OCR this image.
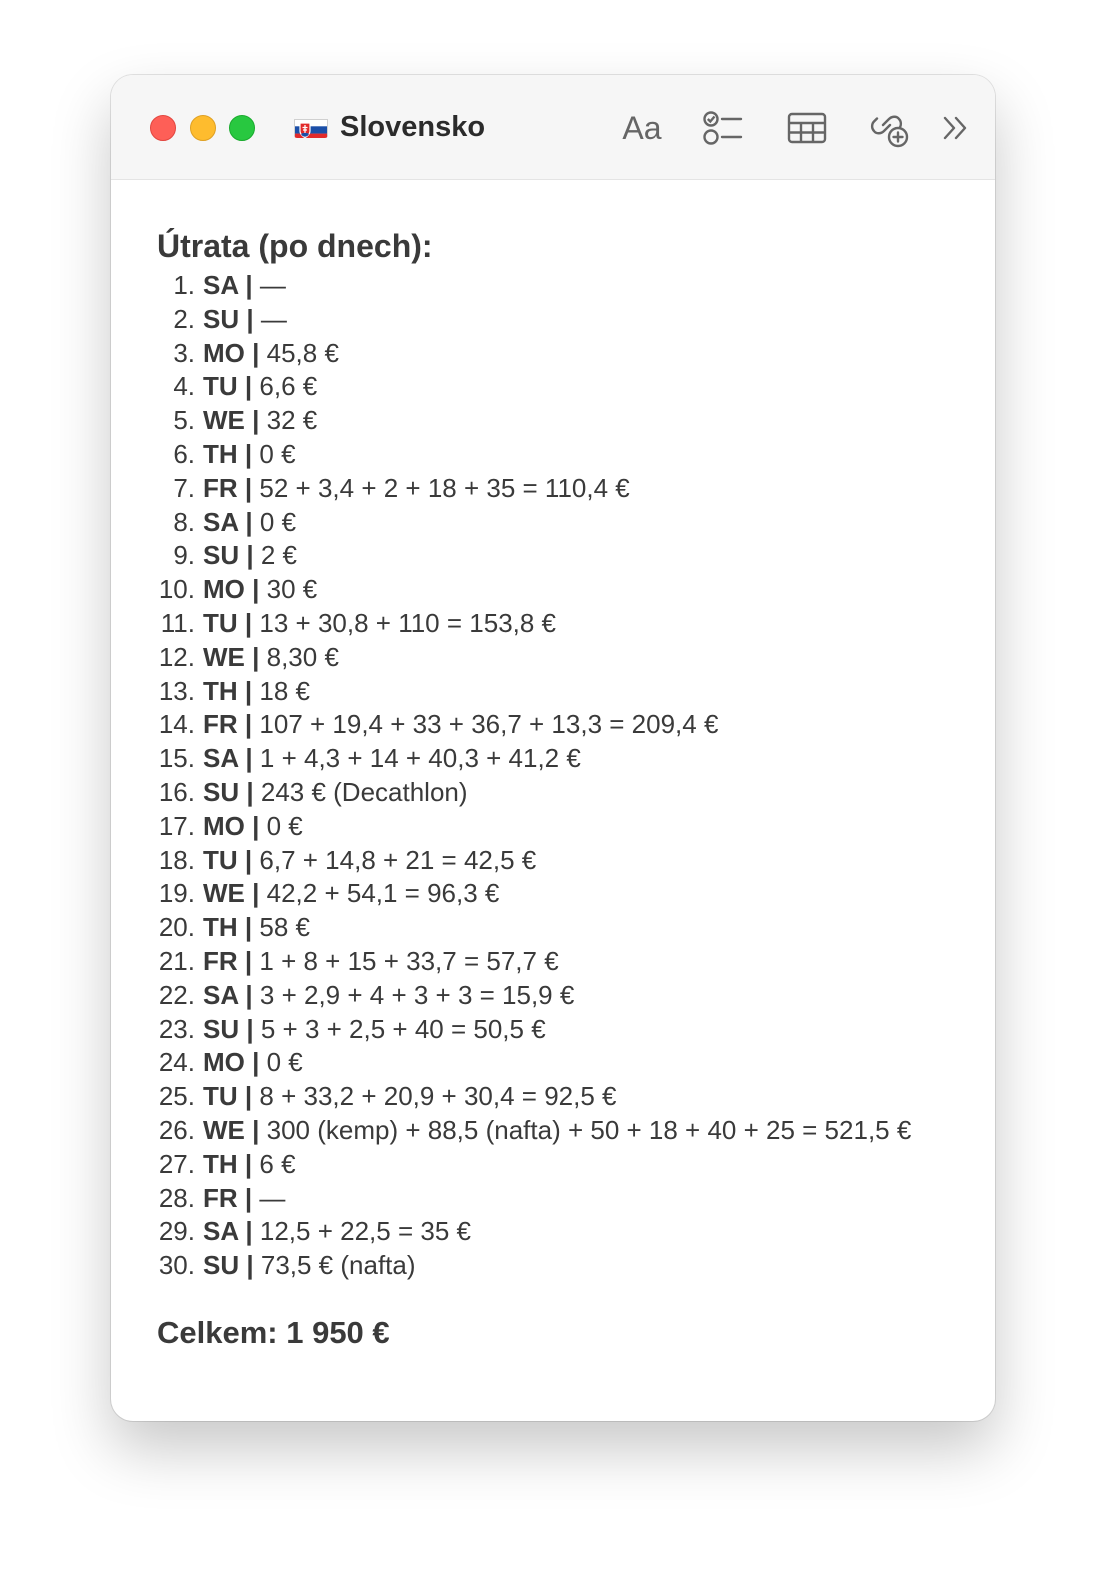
Slovensko	Aa
Útrata (po dnech):
1. SA | —
2. SU | —
3. MO | 45,8 €
4. TU | 6,6 €
5. WE | 32 €
6. TH | 0 €
7. FR | 52 + 3,4 + 2 + 18 + 35 = 110,4 €
8. SA | 0 €
9. SU | 2 €
10. MO | 30 €
11. TU | 13 + 30,8 + 110 = 153,8 €
12. WE | 8,30 €
13. TH | 18 €
14. FR | 107 + 19,4 + 33 + 36,7 + 13,3 = 209,4 €
15. SA | 1 + 4,3 + 14 + 40,3 + 41,2 €
16. SU | 243 € (Decathlon)
17. MO | 0 €
18. TU | 6,7 + 14,8 + 21 = 42,5 €
19. WE | 42,2 + 54,1 = 96,3 €
20. TH | 58 €
21. FR | 1 + 8 + 15 + 33,7 = 57,7 €
22. SA | 3 + 2,9 + 4 + 3 + 3 = 15,9 €
23. SU | 5 + 3 + 2,5 + 40 = 50,5 €
24. MO | 0 €
25. TU | 8 + 33,2 + 20,9 + 30,4 = 92,5 €
26. WE | 300 (kemp) + 88,5 (nafta) + 50 + 18 + 40 + 25 = 521,5 €
27. TH | 6 €
28. FR | —
29. SA | 12,5 + 22,5 = 35 €
30. SU | 73,5 € (nafta)
Celkem: 1 950 €
